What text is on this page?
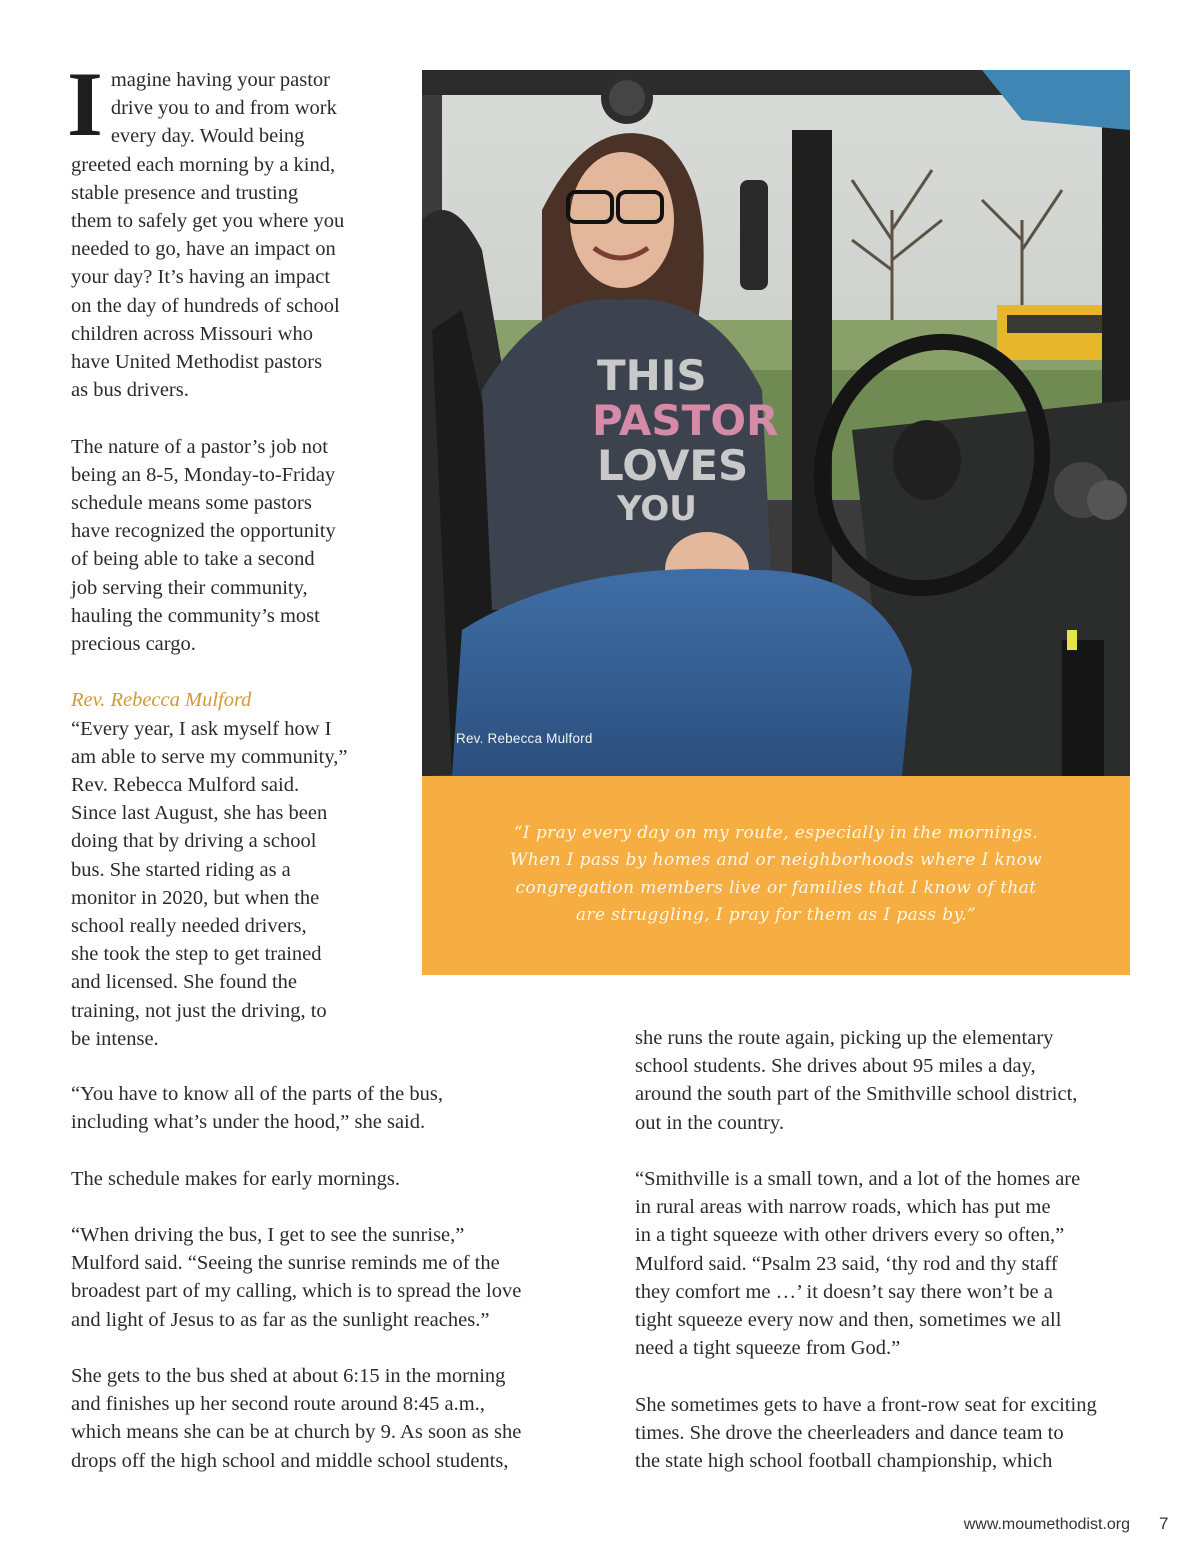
I magine having your pastor
drive you to and from work
every day. Would being
greeted each morning by a kind,
stable presence and trusting
them to safely get you where you
needed to go, have an impact on
your day? It’s having an impact
on the day of hundreds of school
children across Missouri who
have United Methodist pastors
as bus drivers.

The nature of a pastor’s job not
being an 8-5, Monday-to-Friday
schedule means some pastors
have recognized the opportunity
of being able to take a second
job serving their community,
hauling the community’s most
precious cargo.

Rev. Rebecca Mulford
“Every year, I ask myself how I
am able to serve my community,”
Rev. Rebecca Mulford said.
Since last August, she has been
doing that by driving a school
bus. She started riding as a
monitor in 2020, but when the
school really needed drivers,
she took the step to get trained
and licensed. She found the
training, not just the driving, to
be intense.

THIS
PASTOR
LOVES
YOU
Rev. Rebecca Mulford
“I pray every day on my route, especially in the mornings.
When I pass by homes and or neighborhoods where I know
congregation members live or families that I know of that
are struggling, I pray for them as I pass by.”

“You have to know all of the parts of the bus,
including what’s under the hood,” she said.

The schedule makes for early mornings.

“When driving the bus, I get to see the sunrise,”
Mulford said. “Seeing the sunrise reminds me of the
broadest part of my calling, which is to spread the love
and light of Jesus to as far as the sunlight reaches.”

She gets to the bus shed at about 6:15 in the morning
and finishes up her second route around 8:45 a.m.,
which means she can be at church by 9. As soon as she
drops off the high school and middle school students,

she runs the route again, picking up the elementary
school students. She drives about 95 miles a day,
around the south part of the Smithville school district,
out in the country.

“Smithville is a small town, and a lot of the homes are
in rural areas with narrow roads, which has put me
in a tight squeeze with other drivers every so often,”
Mulford said. “Psalm 23 said, ‘thy rod and thy staff
they comfort me …’ it doesn’t say there won’t be a
tight squeeze every now and then, sometimes we all
need a tight squeeze from God.”

She sometimes gets to have a front-row seat for exciting
times. She drove the cheerleaders and dance team to
the state high school football championship, which

www.moumethodist.org 7
